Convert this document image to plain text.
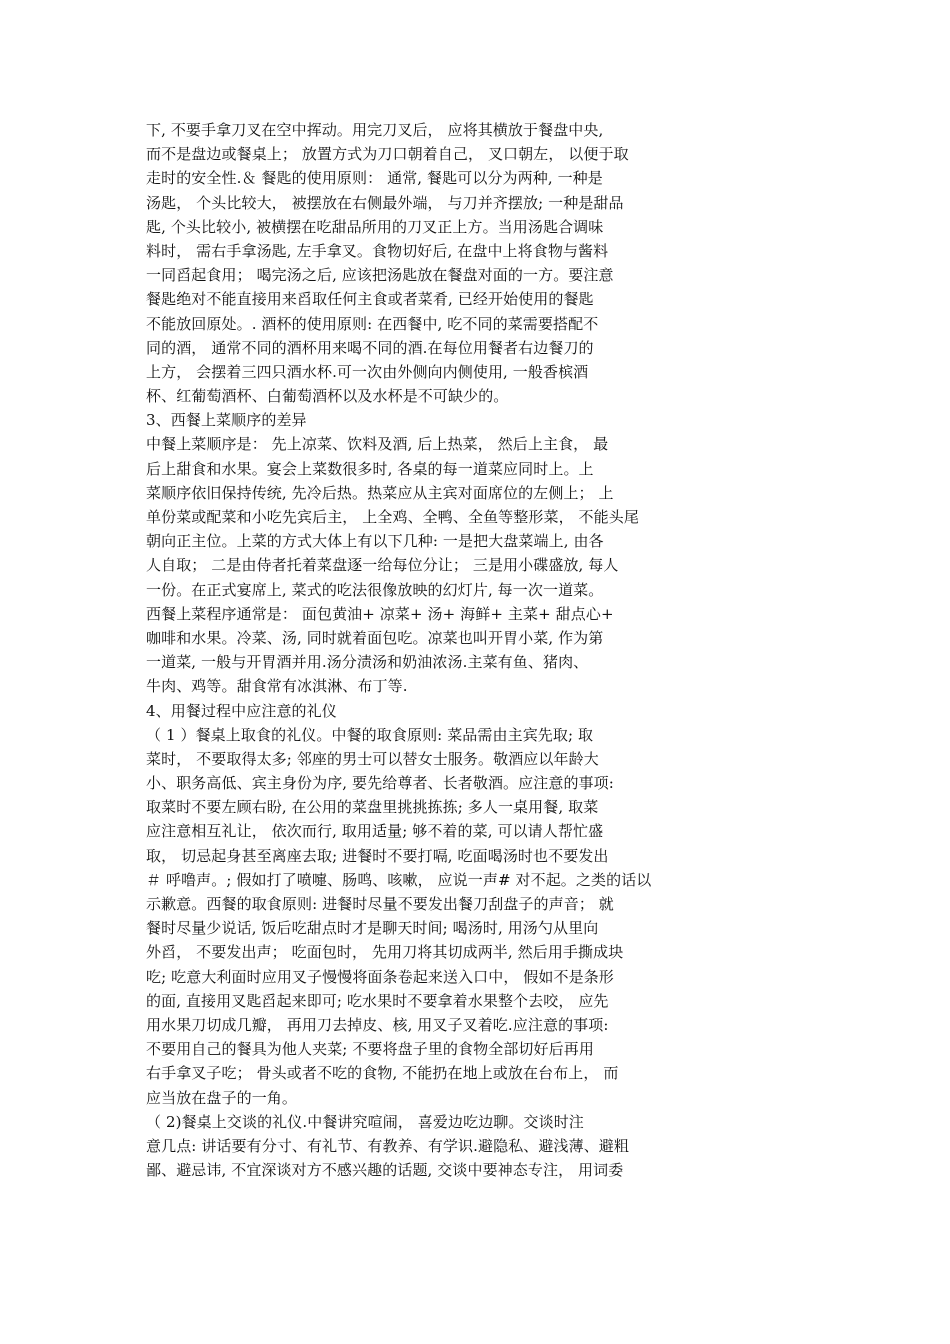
下, 不要手拿刀叉在空中挥动。用完刀叉后， 应将其横放于餐盘中央,
而不是盘边或餐桌上； 放置方式为刀口朝着自己， 叉口朝左， 以便于取
走时的安全性.＆ 餐匙的使用原则： 通常, 餐匙可以分为两种, 一种是
汤匙， 个头比较大， 被摆放在右侧最外端， 与刀并齐摆放; 一种是甜品
匙, 个头比较小, 被横摆在吃甜品所用的刀叉正上方。当用汤匙合调味
料时， 需右手拿汤匙, 左手拿叉。食物切好后, 在盘中上将食物与酱料
一同舀起食用； 喝完汤之后, 应该把汤匙放在餐盘对面的一方。要注意
餐匙绝对不能直接用来舀取任何主食或者菜肴, 已经开始使用的餐匙
不能放回原处。. 酒杯的使用原则: 在西餐中, 吃不同的菜需要搭配不
同的酒， 通常不同的酒杯用来喝不同的酒.在每位用餐者右边餐刀的
上方， 会摆着三四只酒水杯.可一次由外侧向内侧使用, 一般香槟酒
杯、红葡萄酒杯、白葡萄酒杯以及水杯是不可缺少的。
3、西餐上菜顺序的差异
中餐上菜顺序是： 先上凉菜、饮料及酒, 后上热菜， 然后上主食， 最
后上甜食和水果。宴会上菜数很多时, 各桌的每一道菜应同时上。上
菜顺序依旧保持传统, 先冷后热。热菜应从主宾对面席位的左侧上； 上
单份菜或配菜和小吃先宾后主， 上全鸡、全鸭、全鱼等整形菜， 不能头尾
朝向正主位。上菜的方式大体上有以下几种: 一是把大盘菜端上, 由各
人自取； 二是由侍者托着菜盘逐一给每位分让； 三是用小碟盛放, 每人
一份。在正式宴席上, 菜式的吃法很像放映的幻灯片, 每一次一道菜。
西餐上菜程序通常是： 面包黄油+ 凉菜+ 汤+ 海鲜+ 主菜+ 甜点心+
咖啡和水果。冷菜、汤, 同时就着面包吃。凉菜也叫开胃小菜, 作为第
一道菜, 一般与开胃酒并用.汤分渍汤和奶油浓汤.主菜有鱼、猪肉、
牛肉、鸡等。甜食常有冰淇淋、布丁等.
4、用餐过程中应注意的礼仪
（ 1 ）餐桌上取食的礼仪。中餐的取食原则: 菜品需由主宾先取; 取
菜时， 不要取得太多; 邻座的男士可以替女士服务。敬酒应以年龄大
小、职务高低、宾主身份为序, 要先给尊者、长者敬酒。应注意的事项:
取菜时不要左顾右盼, 在公用的菜盘里挑挑拣拣; 多人一桌用餐, 取菜
应注意相互礼让， 依次而行, 取用适量; 够不着的菜, 可以请人帮忙盛
取， 切忌起身甚至离座去取; 进餐时不要打嗝, 吃面喝汤时也不要发出
＃ 呼噜声。; 假如打了喷嚏、肠鸣、咳嗽， 应说一声# 对不起。之类的话以
示歉意。西餐的取食原则: 进餐时尽量不要发出餐刀刮盘子的声音； 就
餐时尽量少说话, 饭后吃甜点时才是聊天时间; 喝汤时, 用汤勺从里向
外舀， 不要发出声； 吃面包时， 先用刀将其切成两半, 然后用手撕成块
吃; 吃意大利面时应用叉子慢慢将面条卷起来送入口中， 假如不是条形
的面, 直接用叉匙舀起来即可; 吃水果时不要拿着水果整个去咬， 应先
用水果刀切成几瓣， 再用刀去掉皮、核, 用叉子叉着吃.应注意的事项:
不要用自己的餐具为他人夹菜; 不要将盘子里的食物全部切好后再用
右手拿叉子吃； 骨头或者不吃的食物, 不能扔在地上或放在台布上， 而
应当放在盘子的一角。
（ 2)餐桌上交谈的礼仪.中餐讲究喧闹， 喜爱边吃边聊。交谈时注
意几点: 讲话要有分寸、有礼节、有教养、有学识.避隐私、避浅薄、避粗
鄙、避忌讳, 不宜深谈对方不感兴趣的话题, 交谈中要神态专注， 用词委
